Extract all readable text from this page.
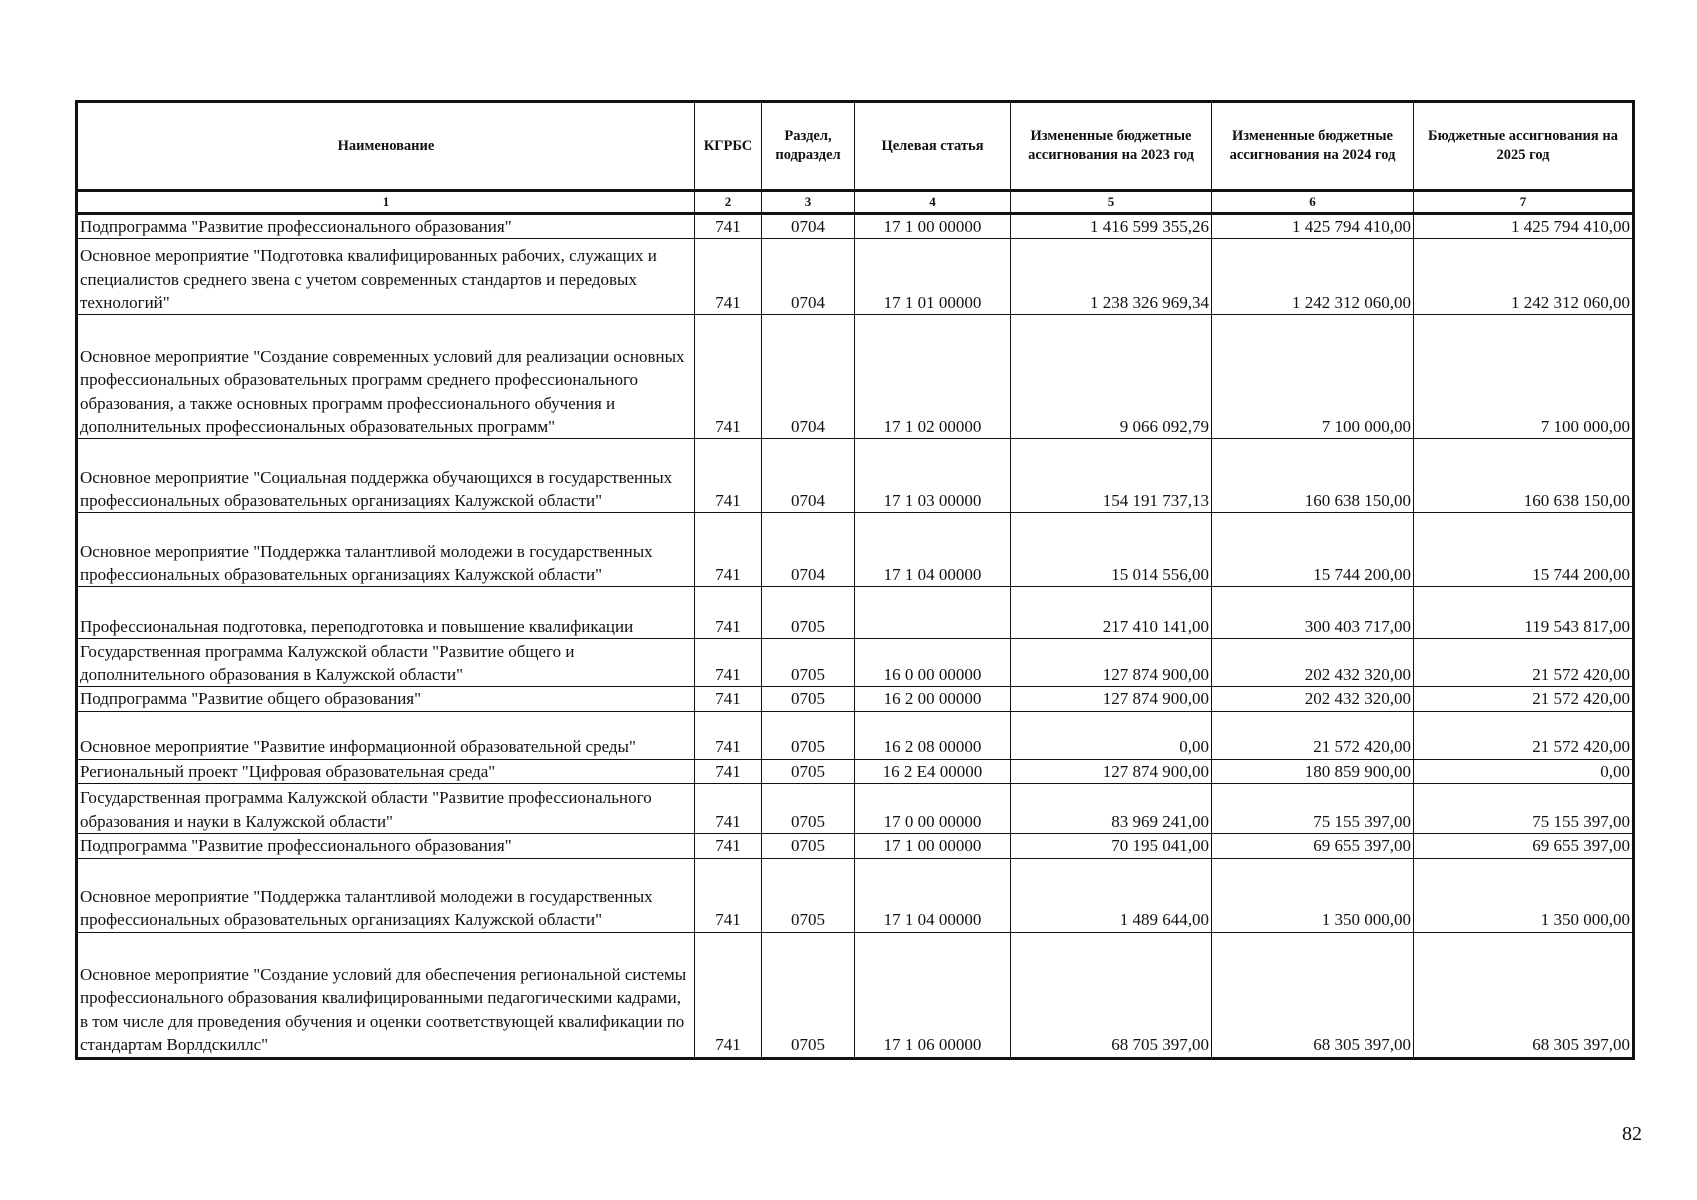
Наименование	КГРБС	Раздел, подраздел	Целевая статья	Измененные бюджетные ассигнования на 2023 год	Измененные бюджетные ассигнования на 2024 год	Бюджетные ассигнования на 2025 год
1	2	3	4	5	6	7
Подпрограмма "Развитие профессионального образования"	741	0704	17 1 00 00000	1 416 599 355,26	1 425 794 410,00	1 425 794 410,00
Основное мероприятие "Подготовка квалифицированных рабочих, служащих и специалистов среднего звена с учетом современных стандартов и передовых технологий"	741	0704	17 1 01 00000	1 238 326 969,34	1 242 312 060,00	1 242 312 060,00
Основное мероприятие "Создание современных условий для реализации основных профессиональных образовательных программ среднего профессионального образования, а также основных программ профессионального обучения и дополнительных профессиональных образовательных программ"	741	0704	17 1 02 00000	9 066 092,79	7 100 000,00	7 100 000,00
Основное мероприятие "Социальная поддержка обучающихся в государственных профессиональных образовательных организациях Калужской области"	741	0704	17 1 03 00000	154 191 737,13	160 638 150,00	160 638 150,00
Основное мероприятие "Поддержка талантливой молодежи в государственных профессиональных образовательных организациях Калужской области"	741	0704	17 1 04 00000	15 014 556,00	15 744 200,00	15 744 200,00
Профессиональная подготовка, переподготовка и повышение квалификации	741	0705		217 410 141,00	300 403 717,00	119 543 817,00
Государственная программа Калужской области "Развитие общего и дополнительного образования в Калужской области"	741	0705	16 0 00 00000	127 874 900,00	202 432 320,00	21 572 420,00
Подпрограмма "Развитие общего образования"	741	0705	16 2 00 00000	127 874 900,00	202 432 320,00	21 572 420,00
Основное мероприятие "Развитие информационной образовательной среды"	741	0705	16 2 08 00000	0,00	21 572 420,00	21 572 420,00
Региональный проект "Цифровая образовательная среда"	741	0705	16 2 E4 00000	127 874 900,00	180 859 900,00	0,00
Государственная программа Калужской области "Развитие профессионального образования и науки в Калужской области"	741	0705	17 0 00 00000	83 969 241,00	75 155 397,00	75 155 397,00
Подпрограмма "Развитие профессионального образования"	741	0705	17 1 00 00000	70 195 041,00	69 655 397,00	69 655 397,00
Основное мероприятие "Поддержка талантливой молодежи в государственных профессиональных образовательных организациях Калужской области"	741	0705	17 1 04 00000	1 489 644,00	1 350 000,00	1 350 000,00
Основное мероприятие "Создание условий для обеспечения региональной системы профессионального образования квалифицированными педагогическими кадрами, в том числе для проведения обучения и оценки соответствующей квалификации по стандартам Ворлдскиллс"	741	0705	17 1 06 00000	68 705 397,00	68 305 397,00	68 305 397,00
82
